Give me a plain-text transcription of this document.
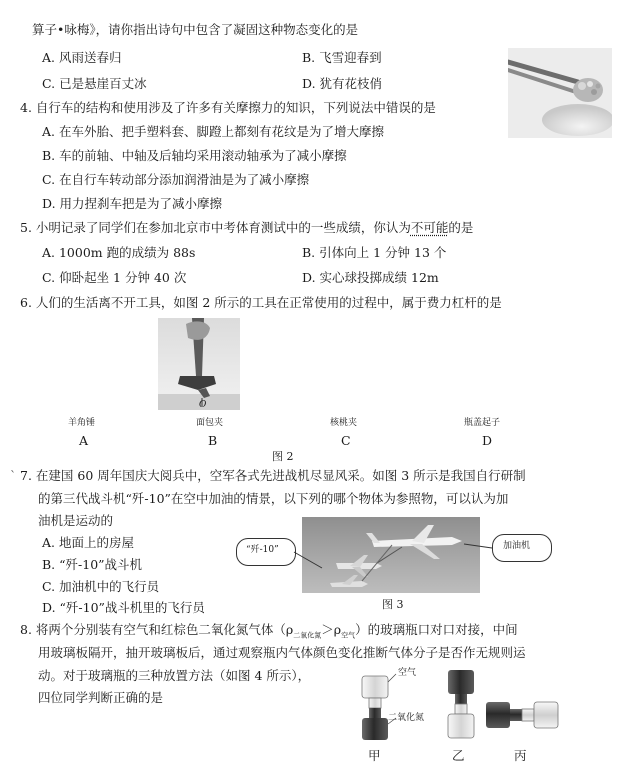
算子•咏梅》，请你指出诗句中包含了凝固这种物态变化的是
A. 风雨送春归	B. 飞雪迎春到
C. 已是悬崖百丈冰	D. 犹有花枝俏
4. 自行车的结构和使用涉及了许多有关摩擦力的知识，下列说法中错误的是
A. 在车外胎、把手塑料套、脚蹬上都刻有花纹是为了增大摩擦
B. 车的前轴、中轴及后轴均采用滚动轴承为了减小摩擦
C. 在自行车转动部分添加润滑油是为了减小摩擦
D. 用力捏刹车把是为了减小摩擦
5. 小明记录了同学们在参加北京市中考体育测试中的一些成绩，你认为不可能的是
A. 1000m 跑的成绩为 88s	B. 引体向上 1 分钟 13 个
C. 仰卧起坐 1 分钟 40 次	D. 实心球投掷成绩 12m
6. 人们的生活离不开工具，如图 2 所示的工具在正常使用的过程中，属于费力杠杆的是
O
羊角锤	面包夹	核桃夹	瓶盖起子
A	B	C	D
图 2
` 7. 在建国 60 周年国庆大阅兵中，空军各式先进战机尽显风采。如图 3 所示是我国自行研制
的第三代战斗机“歼-10”在空中加油的情景，以下列的哪个物体为参照物，可以认为加
油机是运动的
A. 地面上的房屋
B. “歼-10”战斗机
C. 加油机中的飞行员
D. “歼-10”战斗机里的飞行员
“歼-10”	加油机
图 3
8. 将两个分别装有空气和红棕色二氧化氮气体$(\rho_{二氧化氮}>\rho_{空气})$的玻璃瓶口对口对接，中间
用玻璃板隔开，抽开玻璃板后，通过观察瓶内气体颜色变化推断气体分子是否作无规则运
动。对于玻璃瓶的三种放置方法（如图 4 所示），
四位同学判断正确的是
空气
二氧化氮
甲	乙	丙
